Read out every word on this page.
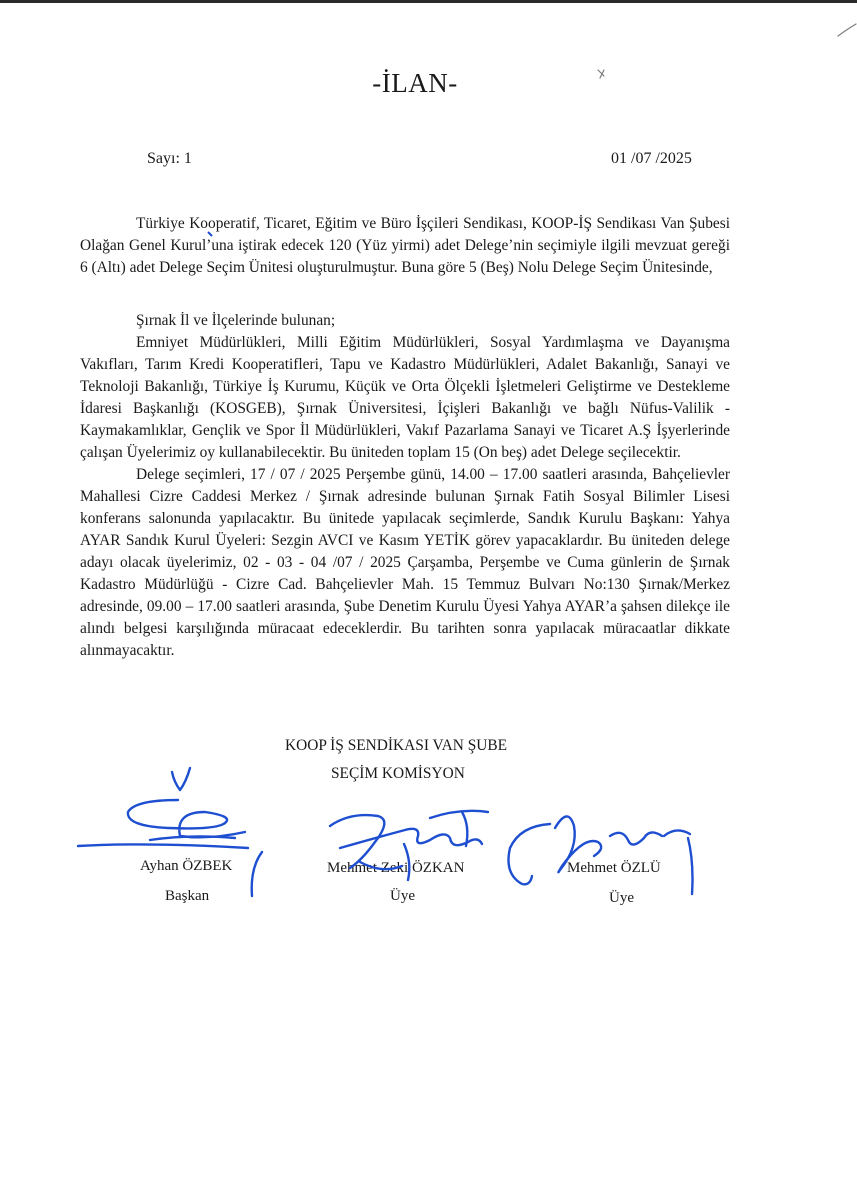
-İLAN-
Sayı: 1	01 /07 /2025

Türkiye Kooperatif, Ticaret, Eğitim ve Büro İşçileri Sendikası, KOOP-İŞ Sendikası Van Şubesi Olağan Genel Kurul’una iştirak edecek 120 (Yüz yirmi) adet Delege’nin seçimiyle ilgili mevzuat gereği 6 (Altı) adet Delege Seçim Ünitesi oluşturulmuştur. Buna göre 5 (Beş) Nolu Delege Seçim Ünitesinde,

Şırnak İl ve İlçelerinde bulunan;

Emniyet Müdürlükleri, Milli Eğitim Müdürlükleri, Sosyal Yardımlaşma ve Dayanışma Vakıfları, Tarım Kredi Kooperatifleri, Tapu ve Kadastro Müdürlükleri, Adalet Bakanlığı, Sanayi ve Teknoloji Bakanlığı, Türkiye İş Kurumu, Küçük ve Orta Ölçekli İşletmeleri Geliştirme ve Destekleme İdaresi Başkanlığı (KOSGEB), Şırnak Üniversitesi, İçişleri Bakanlığı ve bağlı Nüfus-Valilik - Kaymakamlıklar, Gençlik ve Spor İl Müdürlükleri, Vakıf Pazarlama Sanayi ve Ticaret A.Ş İşyerlerinde çalışan Üyelerimiz oy kullanabilecektir. Bu üniteden toplam 15 (On beş) adet Delege seçilecektir.

Delege seçimleri, 17 / 07 / 2025 Perşembe günü, 14.00 – 17.00 saatleri arasında, Bahçelievler Mahallesi Cizre Caddesi Merkez / Şırnak adresinde bulunan Şırnak Fatih Sosyal Bilimler Lisesi konferans salonunda yapılacaktır. Bu ünitede yapılacak seçimlerde, Sandık Kurulu Başkanı: Yahya AYAR Sandık Kurul Üyeleri: Sezgin AVCI ve Kasım YETİK görev yapacaklardır. Bu üniteden delege adayı olacak üyelerimiz, 02 - 03 - 04 /07 / 2025 Çarşamba, Perşembe ve Cuma günlerin de Şırnak Kadastro Müdürlüğü - Cizre Cad. Bahçelievler Mah. 15 Temmuz Bulvarı No:130 Şırnak/Merkez adresinde, 09.00 – 17.00 saatleri arasında, Şube Denetim Kurulu Üyesi Yahya AYAR’a şahsen dilekçe ile alındı belgesi karşılığında müracaat edeceklerdir. Bu tarihten sonra yapılacak müracaatlar dikkate alınmayacaktır.

KOOP İŞ SENDİKASI VAN ŞUBE
SEÇİM KOMİSYON
Ayhan ÖZBEK
Başkan
Mehmet Zeki ÖZKAN
Üye
Mehmet ÖZLÜ
Üye
